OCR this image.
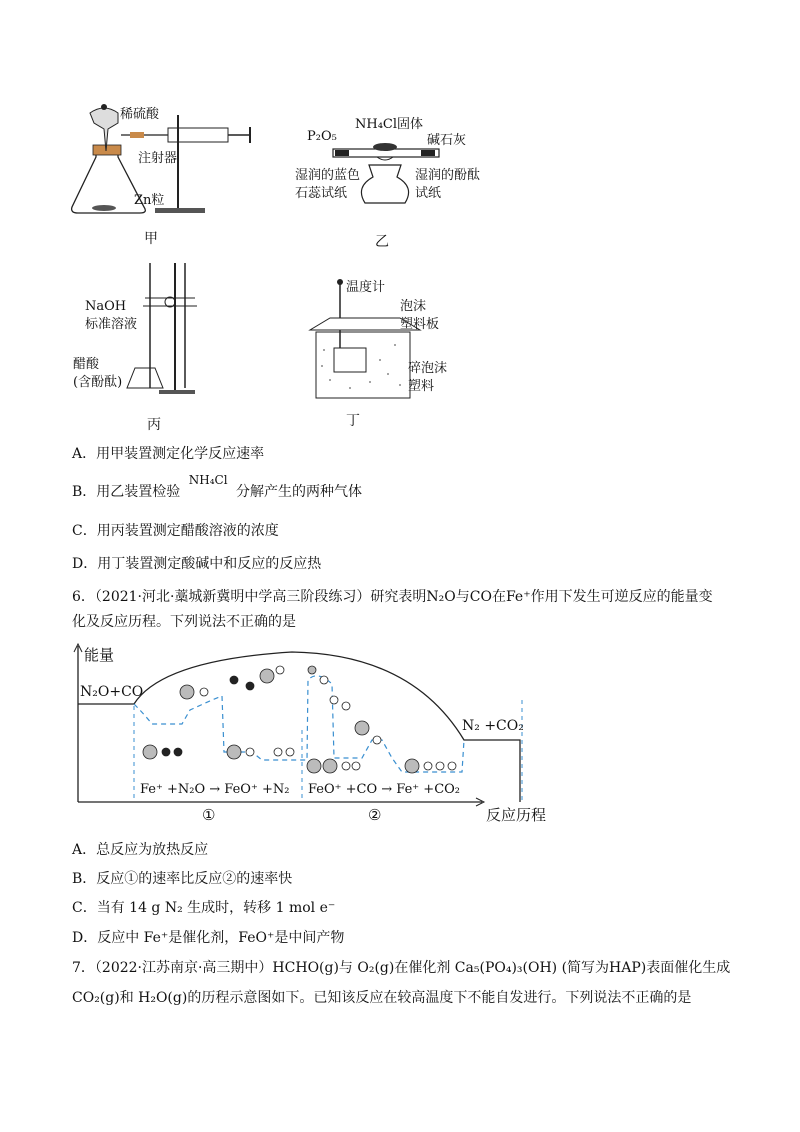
稀硫酸
注射器
Zn粒
甲
P₂O₅
NH₄Cl固体
碱石灰
湿润的蓝色
石蕊试纸
湿润的酚酞
试纸
乙
NaOH
标准溶液
醋酸
(含酚酞)
丙
温度计
泡沫
塑料板
碎泡沫
塑料
丁
A．用甲装置测定化学反应速率
B．用乙装置检验 NH₄Cl 分解产生的两种气体
C．用丙装置测定醋酸溶液的浓度
D．用丁装置测定酸碱中和反应的反应热
6．（2021·河北·藁城新冀明中学高三阶段练习）研究表明N₂O与CO在Fe⁺作用下发生可逆反应的能量变
化及反应历程。下列说法不正确的是
能量
N₂O+CO
N₂ +CO₂
Fe⁺ +N₂O → FeO⁺ +N₂ FeO⁺ +CO → Fe⁺ +CO₂
①	②	反应历程
A．总反应为放热反应
B．反应①的速率比反应②的速率快
C．当有 14 g N₂ 生成时，转移 1 mol e⁻
D．反应中 Fe⁺是催化剂，FeO⁺是中间产物
7．（2022·江苏南京·高三期中）HCHO(g)与 O₂(g)在催化剂 Ca₅(PO₄)₃(OH) (简写为HAP)表面催化生成
CO₂(g)和 H₂O(g)的历程示意图如下。已知该反应在较高温度下不能自发进行。下列说法不正确的是
